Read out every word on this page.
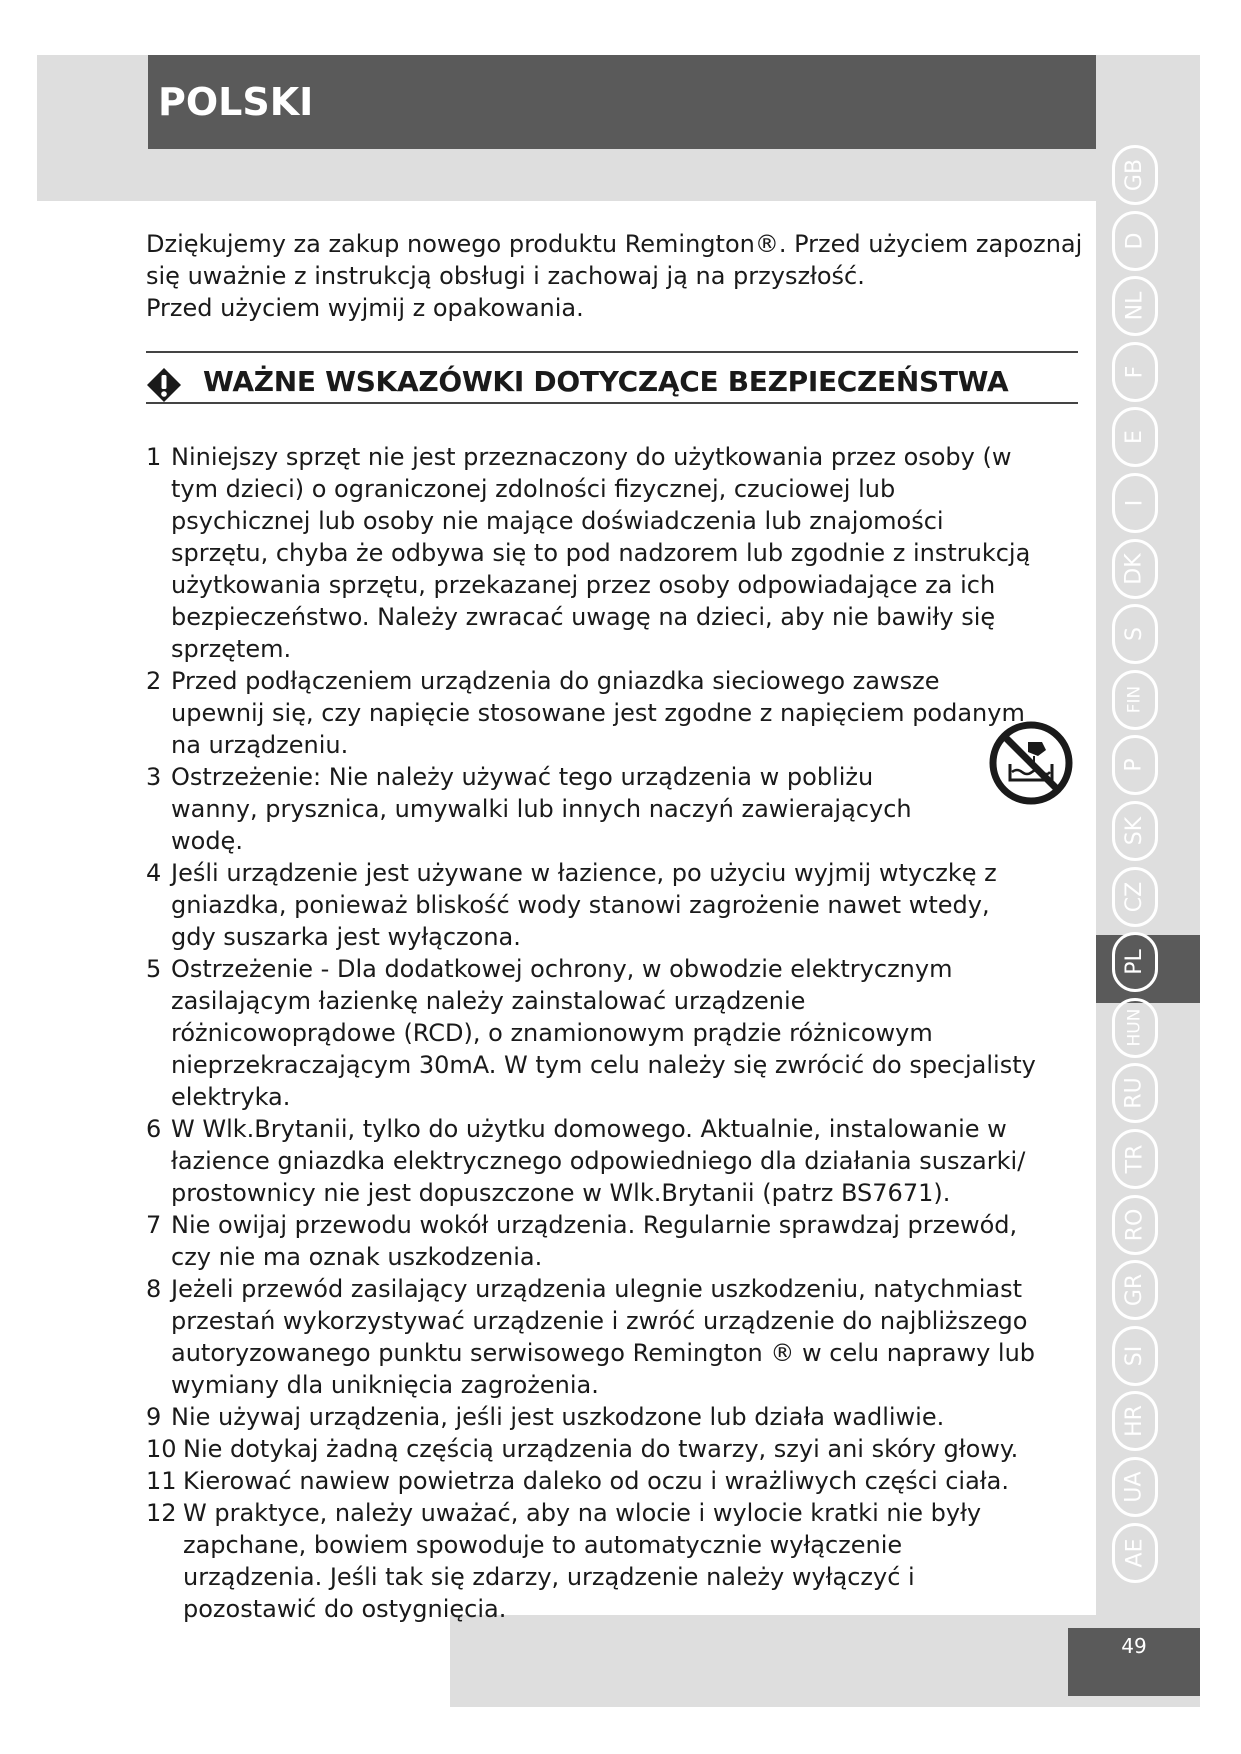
POLSKI

Dziękujemy za zakup nowego produktu Remington®. Przed użyciem zapoznaj się uważnie z instrukcją obsługi i zachowaj ją na przyszłość.

Przed użyciem wyjmij z opakowania.

WAŻNE WSKAZÓWKI DOTYCZĄCE BEZPIECZEŃSTWA
1 Niniejszy sprzęt nie jest przeznaczony do użytkowania przez osoby (w tym dzieci) o ograniczonej zdolności fizycznej, czuciowej lub psychicznej lub osoby nie mające doświadczenia lub znajomości sprzętu, chyba że odbywa się to pod nadzorem lub zgodnie z instrukcją użytkowania sprzętu, przekazanej przez osoby odpowiadające za ich bezpieczeństwo. Należy zwracać uwagę na dzieci, aby nie bawiły się sprzętem.
2 Przed podłączeniem urządzenia do gniazdka sieciowego zawsze upewnij się, czy napięcie stosowane jest zgodne z napięciem podanym na urządzeniu.
3 Ostrzeżenie: Nie należy używać tego urządzenia w pobliżu wanny, prysznica, umywalki lub innych naczyń zawierających wodę.
4 Jeśli urządzenie jest używane w łazience, po użyciu wyjmij wtyczkę z gniazdka, ponieważ bliskość wody stanowi zagrożenie nawet wtedy, gdy suszarka jest wyłączona.
5 Ostrzeżenie - Dla dodatkowej ochrony, w obwodzie elektrycznym zasilającym łazienkę należy zainstalować urządzenie różnicowoprądowe (RCD), o znamionowym prądzie różnicowym nieprzekraczającym 30mA. W tym celu należy się zwrócić do specjalisty elektryka.
6 W Wlk.Brytanii, tylko do użytku domowego. Aktualnie, instalowanie w łazience gniazdka elektrycznego odpowiedniego dla działania suszarki/ prostownicy nie jest dopuszczone w Wlk.Brytanii (patrz BS7671).
7 Nie owijaj przewodu wokół urządzenia. Regularnie sprawdzaj przewód, czy nie ma oznak uszkodzenia.
8 Jeżeli przewód zasilający urządzenia ulegnie uszkodzeniu, natychmiast przestań wykorzystywać urządzenie i zwróć urządzenie do najbliższego autoryzowanego punktu serwisowego Remington ® w celu naprawy lub wymiany dla uniknięcia zagrożenia.
9 Nie używaj urządzenia, jeśli jest uszkodzone lub działa wadliwie.
10 Nie dotykaj żadną częścią urządzenia do twarzy, szyi ani skóry głowy.
11 Kierować nawiew powietrza daleko od oczu i wrażliwych części ciała.
12 W praktyce, należy uważać, aby na wlocie i wylocie kratki nie były zapchane, bowiem spowoduje to automatycznie wyłączenie urządzenia. Jeśli tak się zdarzy, urządzenie należy wyłączyć i pozostawić do ostygnięcia.
GB
D
NL
F
E
I
DK
S
FIN
P
SK
CZ
PL
HUN
RU
TR
RO
GR
SI
HR
UA
AE
49
